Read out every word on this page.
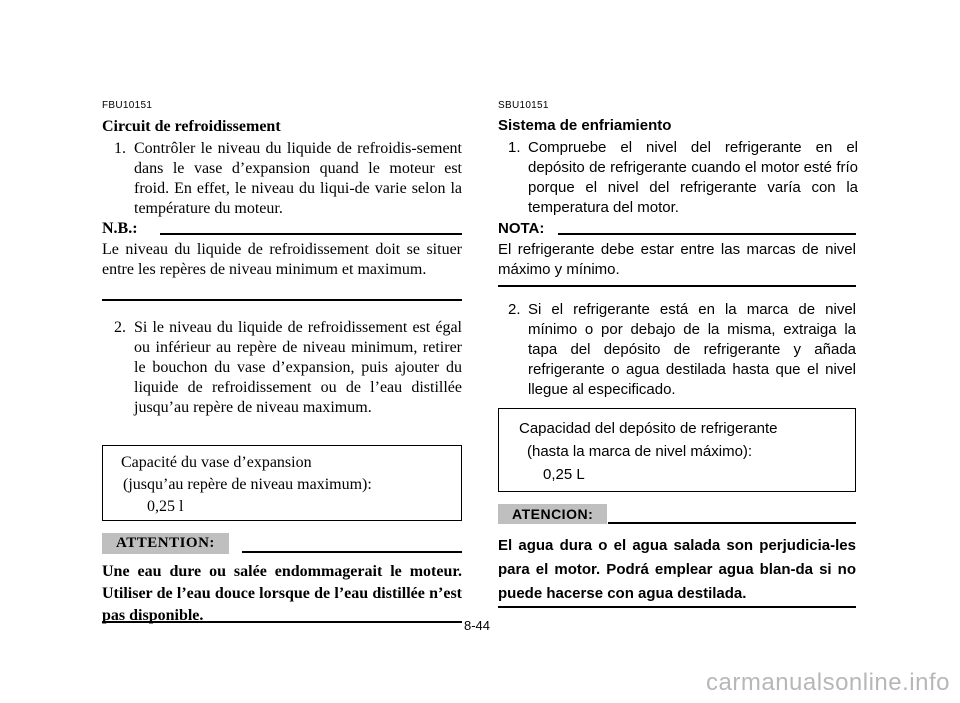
FBU10151
Circuit de refroidissement
1. Contrôler le niveau du liquide de refroidis-sement dans le vase d’expansion quand le moteur est froid. En effet, le niveau du liqui-de varie selon la température du moteur.
N.B.:
Le niveau du liquide de refroidissement doit se situer entre les repères de niveau minimum et maximum.
2. Si le niveau du liquide de refroidissement est égal ou inférieur au repère de niveau minimum, retirer le bouchon du vase d’expansion, puis ajouter du liquide de refroidissement ou de l’eau distillée jusqu’au repère de niveau maximum.
Capacité du vase d’expansion
(jusqu’au repère de niveau maximum):
0,25 l
ATTENTION:
Une eau dure ou salée endommagerait le moteur. Utiliser de l’eau douce lorsque de l’eau distillée n’est pas disponible.
SBU10151
Sistema de enfriamiento
1. Compruebe el nivel del refrigerante en el depósito de refrigerante cuando el motor esté frío porque el nivel del refrigerante varía con la temperatura del motor.
NOTA:
El refrigerante debe estar entre las marcas de nivel máximo y mínimo.
2. Si el refrigerante está en la marca de nivel mínimo o por debajo de la misma, extraiga la tapa del depósito de refrigerante y añada refrigerante o agua destilada hasta que el nivel llegue al especificado.
Capacidad del depósito de refrigerante
(hasta la marca de nivel máximo):
0,25 L
ATENCION:
El agua dura o el agua salada son perjudicia-les para el motor. Podrá emplear agua blan-da si no puede hacerse con agua destilada.
8-44
carmanualsonline.info
